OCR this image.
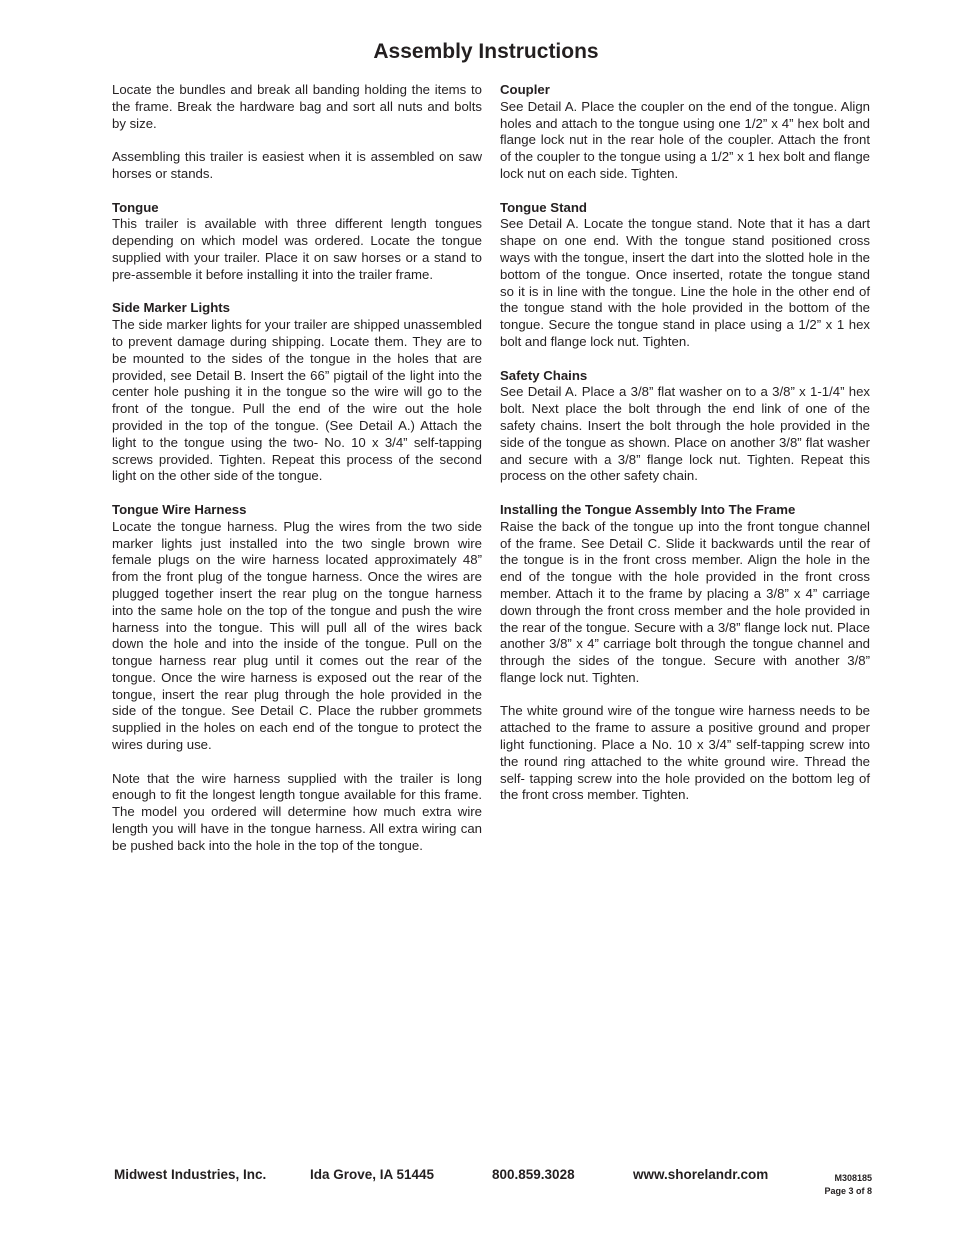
Assembly Instructions

Locate the bundles and break all banding holding the items to the frame. Break the hardware bag and sort all nuts and bolts by size.

Assembling this trailer is easiest when it is assembled on saw horses or stands.

Tongue
This trailer is available with three different length tongues depending on which model was ordered. Locate the tongue supplied with your trailer. Place it on saw horses or a stand to pre-assemble it before installing it into the trailer frame.

Side Marker Lights
The side marker lights for your trailer are shipped unassembled to prevent damage during shipping. Locate them. They are to be mounted to the sides of the tongue in the holes that are provided, see Detail B. Insert the 66” pigtail of the light into the center hole pushing it in the tongue so the wire will go to the front of the tongue. Pull the end of the wire out the hole provided in the top of the tongue. (See Detail A.) Attach the light to the tongue using the two- No. 10 x 3/4” self-tapping screws provided. Tighten. Repeat this process of the second light on the other side of the tongue.

Tongue Wire Harness
Locate the tongue harness. Plug the wires from the two side marker lights just installed into the two single brown wire female plugs on the wire harness located approximately 48” from the front plug of the tongue harness. Once the wires are plugged together insert the rear plug on the tongue harness into the same hole on the top of the tongue and push the wire harness into the tongue. This will pull all of the wires back down the hole and into the inside of the tongue. Pull on the tongue harness rear plug until it comes out the rear of the tongue. Once the wire harness is exposed out the rear of the tongue, insert the rear plug through the hole provided in the side of the tongue. See Detail C. Place the rubber grommets supplied in the holes on each end of the tongue to protect the wires during use.

Note that the wire harness supplied with the trailer is long enough to fit the longest length tongue available for this frame. The model you ordered will determine how much extra wire length you will have in the tongue harness. All extra wiring can be pushed back into the hole in the top of the tongue.

Coupler
See Detail A. Place the coupler on the end of the tongue. Align holes and attach to the tongue using one 1/2” x 4” hex bolt and flange lock nut in the rear hole of the coupler. Attach the front of the coupler to the tongue using a 1/2” x 1 hex bolt and flange lock nut on each side. Tighten.

Tongue Stand
See Detail A. Locate the tongue stand. Note that it has a dart shape on one end. With the tongue stand positioned cross ways with the tongue, insert the dart into the slotted hole in the bottom of the tongue. Once inserted, rotate the tongue stand so it is in line with the tongue. Line the hole in the other end of the tongue stand with the hole provided in the bottom of the tongue. Secure the tongue stand in place using a 1/2” x 1 hex bolt and flange lock nut. Tighten.

Safety Chains
See Detail A. Place a 3/8” flat washer on to a 3/8” x 1-1/4” hex bolt. Next place the bolt through the end link of one of the safety chains. Insert the bolt through the hole provided in the side of the tongue as shown. Place on another 3/8” flat washer and secure with a 3/8” flange lock nut. Tighten. Repeat this process on the other safety chain.

Installing the Tongue Assembly Into The Frame
Raise the back of the tongue up into the front tongue channel of the frame. See Detail C. Slide it backwards until the rear of the tongue is in the front cross member. Align the hole in the end of the tongue with the hole provided in the front cross member. Attach it to the frame by placing a 3/8” x 4” carriage down through the front cross member and the hole provided in the rear of the tongue. Secure with a 3/8” flange lock nut. Place another 3/8” x 4” carriage bolt through the tongue channel and through the sides of the tongue. Secure with another 3/8” flange lock nut. Tighten.

The white ground wire of the tongue wire harness needs to be attached to the frame to assure a positive ground and proper light functioning. Place a No. 10 x 3/4” self-tapping screw into the round ring attached to the white ground wire. Thread the self- tapping screw into the hole provided on the bottom leg of the front cross member. Tighten.

Midwest Industries, Inc.	Ida Grove, IA 51445	800.859.3028	www.shorelandr.com	M308185
Page 3 of 8
